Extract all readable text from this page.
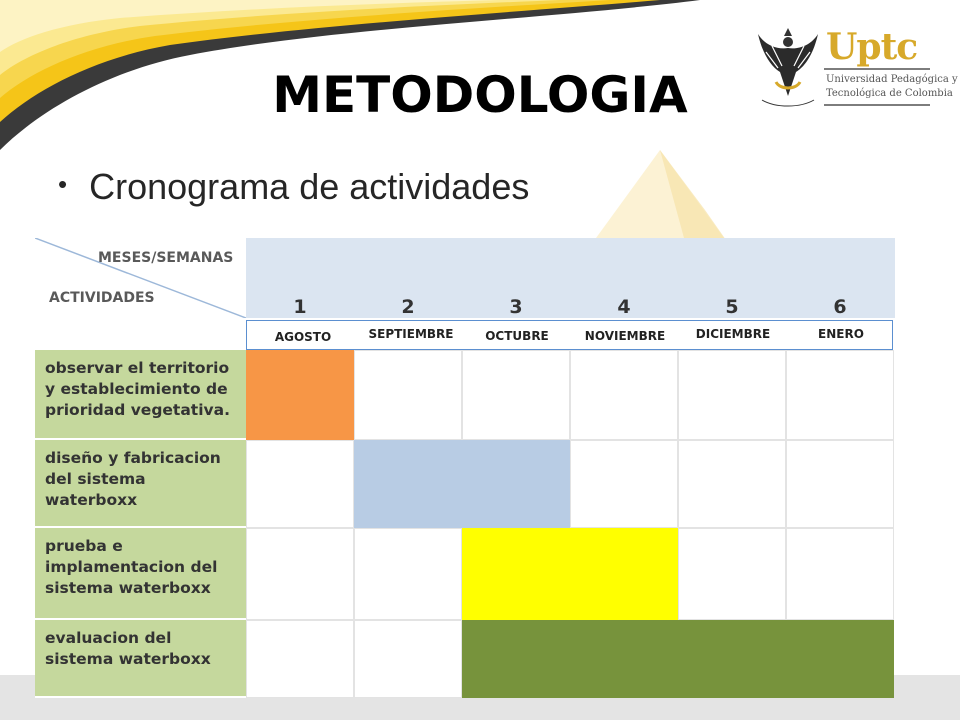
Uptc
Universidad Pedagógica y
Tecnológica de Colombia
METODOLOGIA
• Cronograma de actividades
MESES/SEMANAS
ACTIVIDADES	1	2	3	4	5	6
AGOSTO	SEPTIEMBRE	OCTUBRE	NOVIEMBRE	DICIEMBRE	ENERO
observar el territorio y establecimiento de prioridad vegetativa.
diseño y fabricacion del sistema waterboxx
prueba e implamentacion del sistema waterboxx
evaluacion del sistema waterboxx
